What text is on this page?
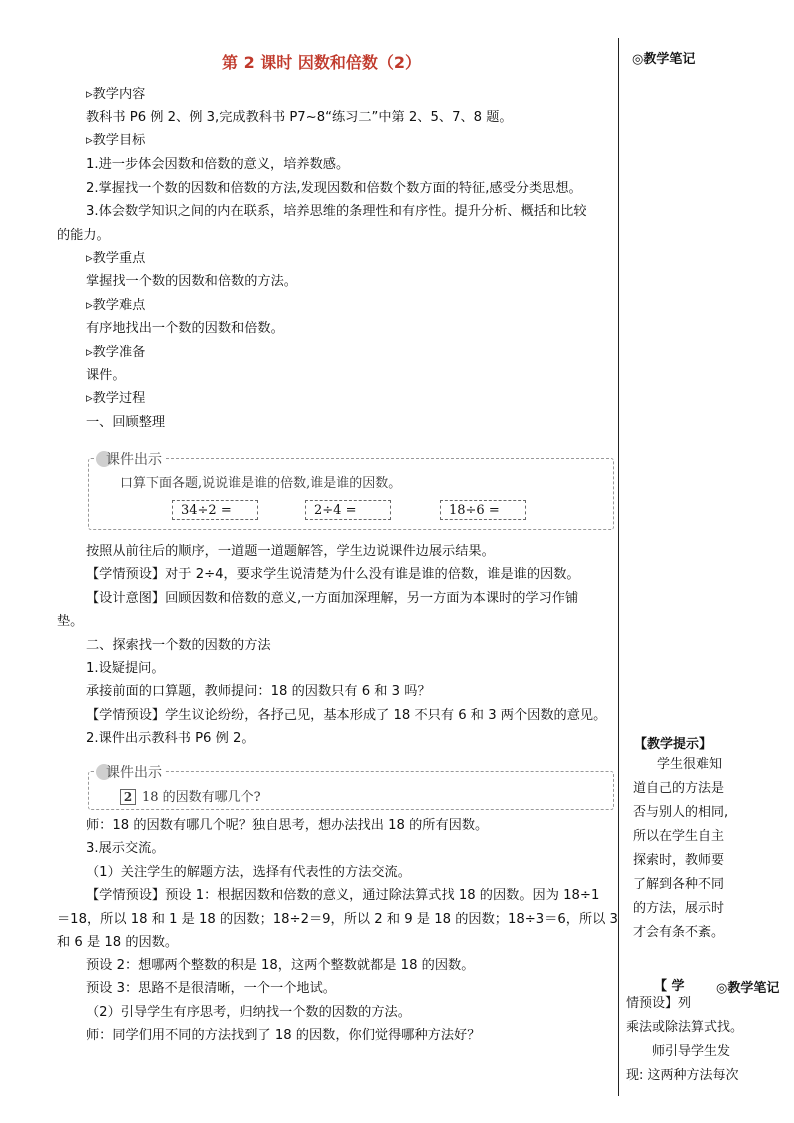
第 2 课时 因数和倍数（2）	◎教学笔记
【教学提示】
学生很难知
道自己的方法是
否与别人的相同,
所以在学生自主
探索时，教师要
了解到各种不同
的方法，展示时
才会有条不紊。
【 学 ◎教学笔记
情预设】列
乘法或除法算式找。
师引导学生发
现: 这两种方法每次
▹教学内容
教科书 P6 例 2、例 3,完成教科书 P7~8“练习二”中第 2、5、7、8 题。
▹教学目标
1.进一步体会因数和倍数的意义，培养数感。
2.掌握找一个数的因数和倍数的方法,发现因数和倍数个数方面的特征,感受分类思想。
3.体会数学知识之间的内在联系，培养思维的条理性和有序性。提升分析、概括和比较
的能力。
▹教学重点
掌握找一个数的因数和倍数的方法。
▹教学难点
有序地找出一个数的因数和倍数。
▹教学准备
课件。
▹教学过程
一、回顾整理
课件出示
口算下面各题,说说谁是谁的倍数,谁是谁的因数。
34÷2 =	2÷4 =	18÷6 =
按照从前往后的顺序，一道题一道题解答，学生边说课件边展示结果。
【学情预设】对于 2÷4，要求学生说清楚为什么没有谁是谁的倍数，谁是谁的因数。
【设计意图】回顾因数和倍数的意义,一方面加深理解，另一方面为本课时的学习作铺
垫。
二、探索找一个数的因数的方法
1.设疑提问。
承接前面的口算题，教师提问：18 的因数只有 6 和 3 吗？
【学情预设】学生议论纷纷，各抒己见，基本形成了 18 不只有 6 和 3 两个因数的意见。
2.课件出示教科书 P6 例 2。
课件出示
2 18 的因数有哪几个?
师：18 的因数有哪几个呢？独自思考，想办法找出 18 的所有因数。
3.展示交流。
（1）关注学生的解题方法，选择有代表性的方法交流。
【学情预设】预设 1：根据因数和倍数的意义，通过除法算式找 18 的因数。因为 18÷1
＝18，所以 18 和 1 是 18 的因数；18÷2＝9，所以 2 和 9 是 18 的因数；18÷3＝6，所以 3
和 6 是 18 的因数。
预设 2：想哪两个整数的积是 18，这两个整数就都是 18 的因数。
预设 3：思路不是很清晰，一个一个地试。
（2）引导学生有序思考，归纳找一个数的因数的方法。
师：同学们用不同的方法找到了 18 的因数，你们觉得哪种方法好？
